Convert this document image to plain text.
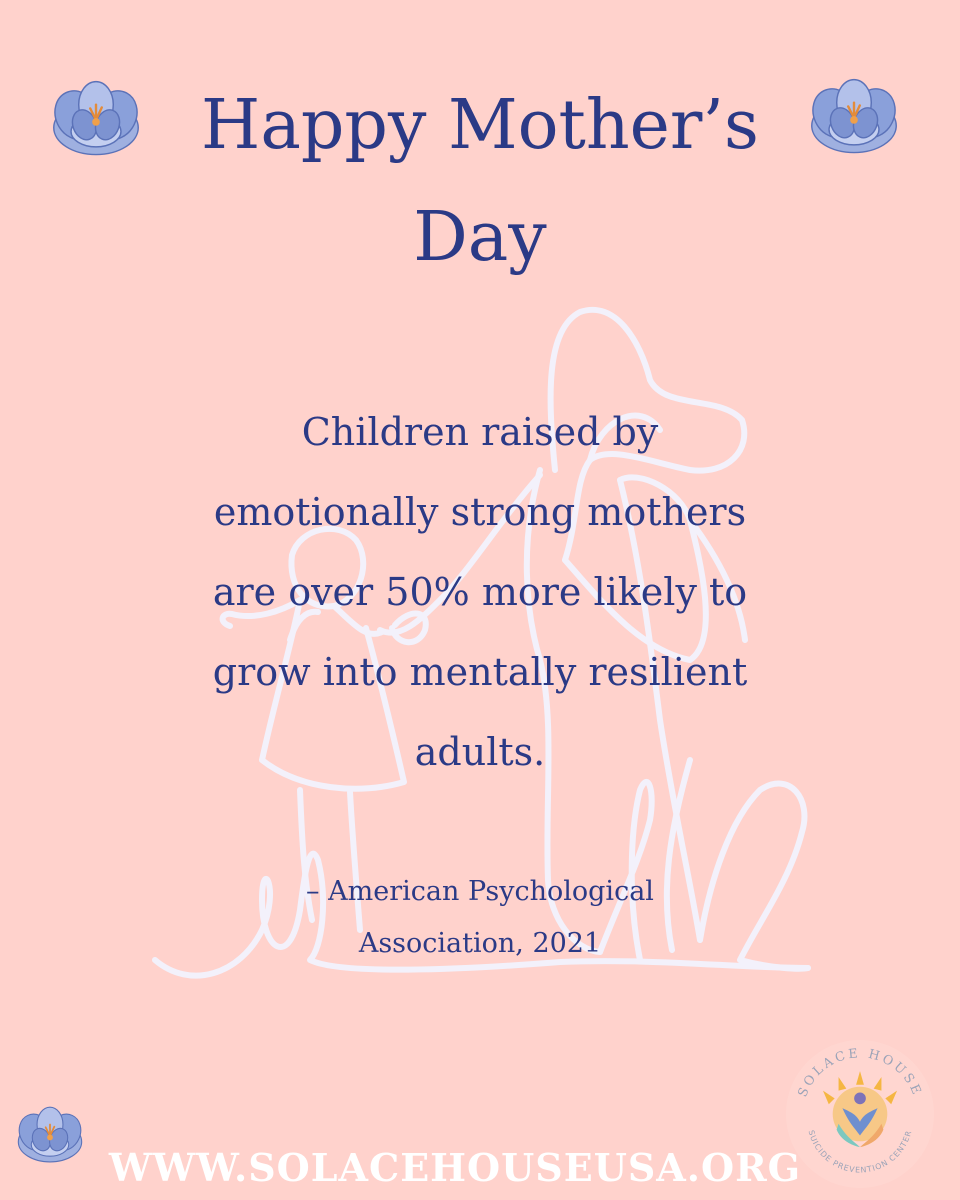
Happy Mother’s Day

Children raised by
emotionally strong mothers
are over 50% more likely to
grow into mentally resilient
adults.

– American Psychological
Association, 2021

WWW.SOLACEHOUSEUSA.ORG
SOLACE HOUSE
SUICIDE PREVENTION CENTER
